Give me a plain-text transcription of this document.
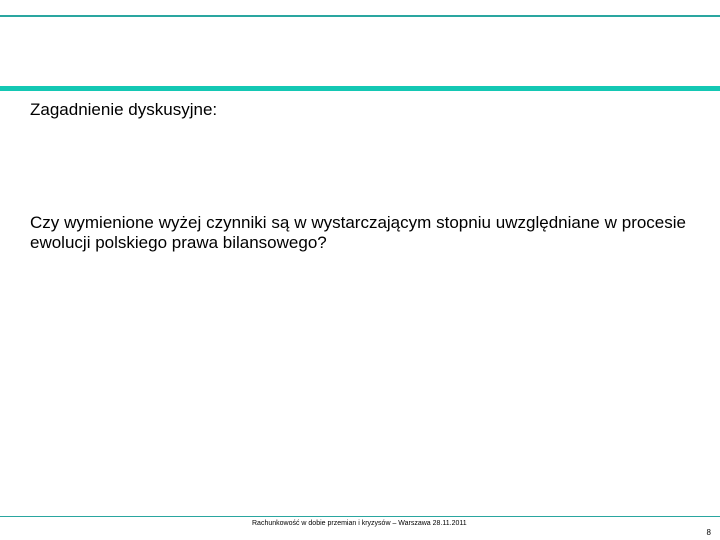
Zagadnienie dyskusyjne:
Czy wymienione wyżej czynniki są w wystarczającym stopniu uwzględniane w procesie ewolucji polskiego prawa bilansowego?
Rachunkowość w dobie przemian i kryzysów – Warszawa 28.11.2011
8
